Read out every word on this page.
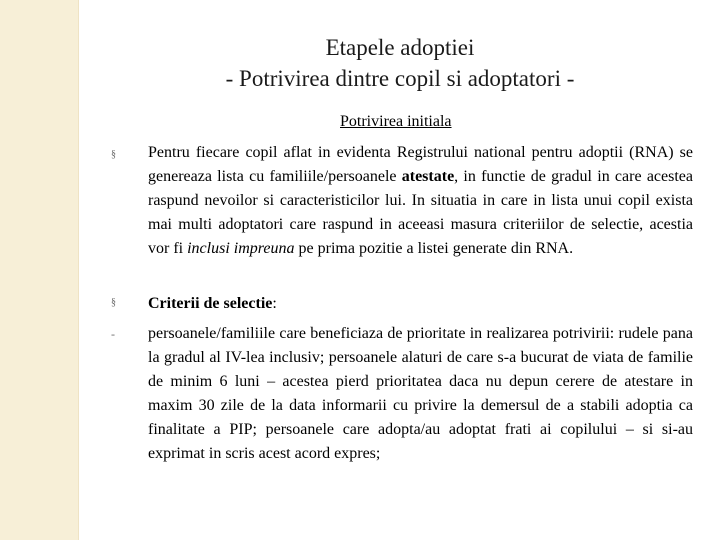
Etapele adoptiei
- Potrivirea dintre copil si adoptatori -
Potrivirea initiala
§ Pentru fiecare copil aflat in evidenta Registrului national pentru adoptii (RNA) se genereaza lista cu familiile/persoanele atestate, in functie de gradul in care acestea raspund nevoilor si caracteristicilor lui. In situatia in care in lista unui copil exista mai multi adoptatori care raspund in aceeasi masura criteriilor de selectie, acestia vor fi inclusi impreuna pe prima pozitie a listei generate din RNA.
§ Criterii de selectie:
- persoanele/familiile care beneficiaza de prioritate in realizarea potrivirii: rudele pana la gradul al IV-lea inclusiv; persoanele alaturi de care s-a bucurat de viata de familie de minim 6 luni – acestea pierd prioritatea daca nu depun cerere de atestare in maxim 30 zile de la data informarii cu privire la demersul de a stabili adoptia ca finalitate a PIP; persoanele care adopta/au adoptat frati ai copilului – si si-au exprimat in scris acest acord expres;
